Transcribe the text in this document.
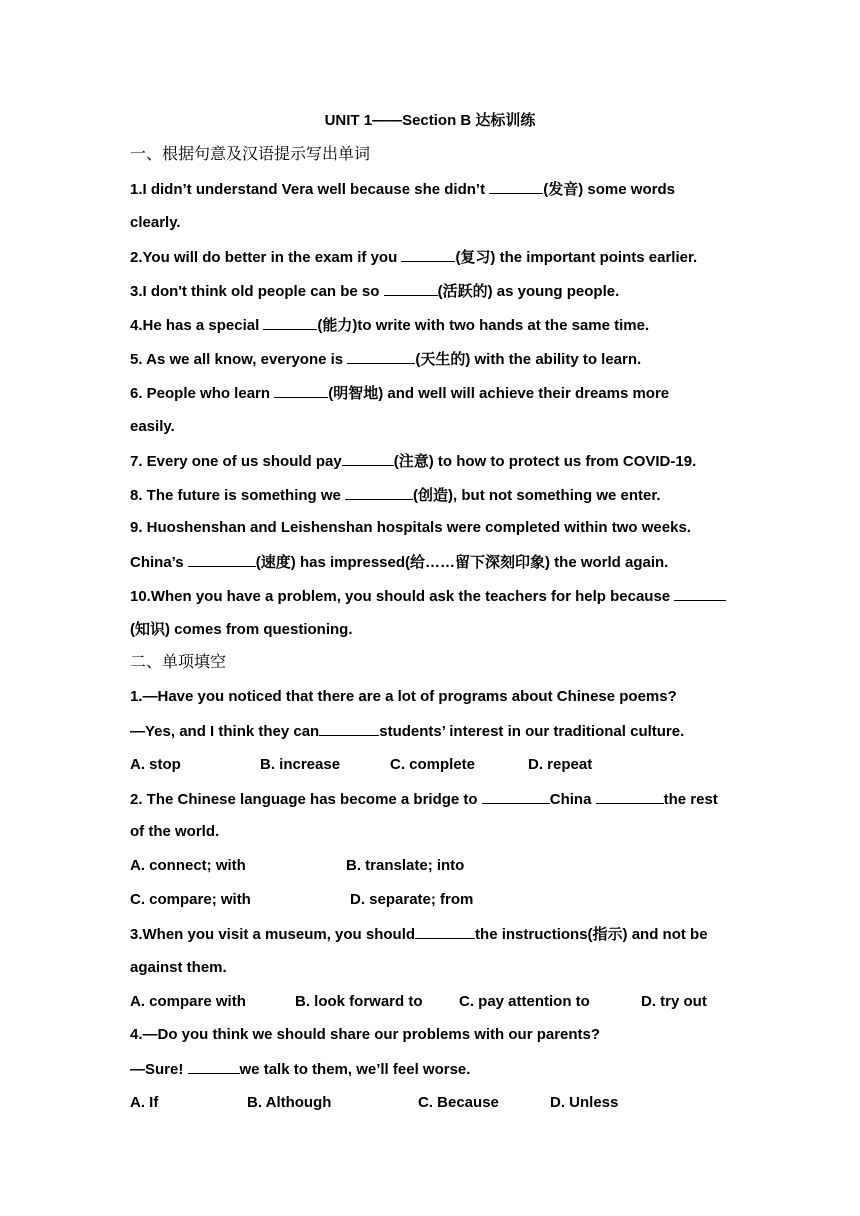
UNIT 1——Section B 达标训练
一、根据句意及汉语提示写出单词
1.I didn’t understand Vera well because she didn’t	(发音) some words
clearly.
2.You will do better in the exam if you	(复习) the important points earlier.
3.I don't think old people can be so	(活跃的) as young people.
4.He has a special	(能力)to write with two hands at the same time.
5. As we all know, everyone is	(天生的) with the ability to learn.
6. People who learn	(明智地) and well will achieve their dreams more
easily.
7. Every one of us should pay	(注意) to how to protect us from COVID-19.
8. The future is something we	(创造), but not something we enter.
9. Huoshenshan and Leishenshan hospitals were completed within two weeks.
China’s	(速度) has impressed(给……留下深刻印象) the world again.
10.When you have a problem, you should ask the teachers for help because
(知识) comes from questioning.
二、单项填空
1.—Have you noticed that there are a lot of programs about Chinese poems?
—Yes, and I think they can	students’ interest in our traditional culture.
A. stop	B. increase	C. complete	D. repeat
2. The Chinese language has become a bridge to	China	the rest
of the world.
A. connect; with	B. translate; into
C. compare; with	D. separate; from
3.When you visit a museum, you should	the instructions(指示) and not be
against them.
A. compare with	B. look forward to C. pay attention to	D. try out
4.—Do you think we should share our problems with our parents?
—Sure!	we talk to them, we’ll feel worse.
A. If	B. Although	C. Because	D. Unless
